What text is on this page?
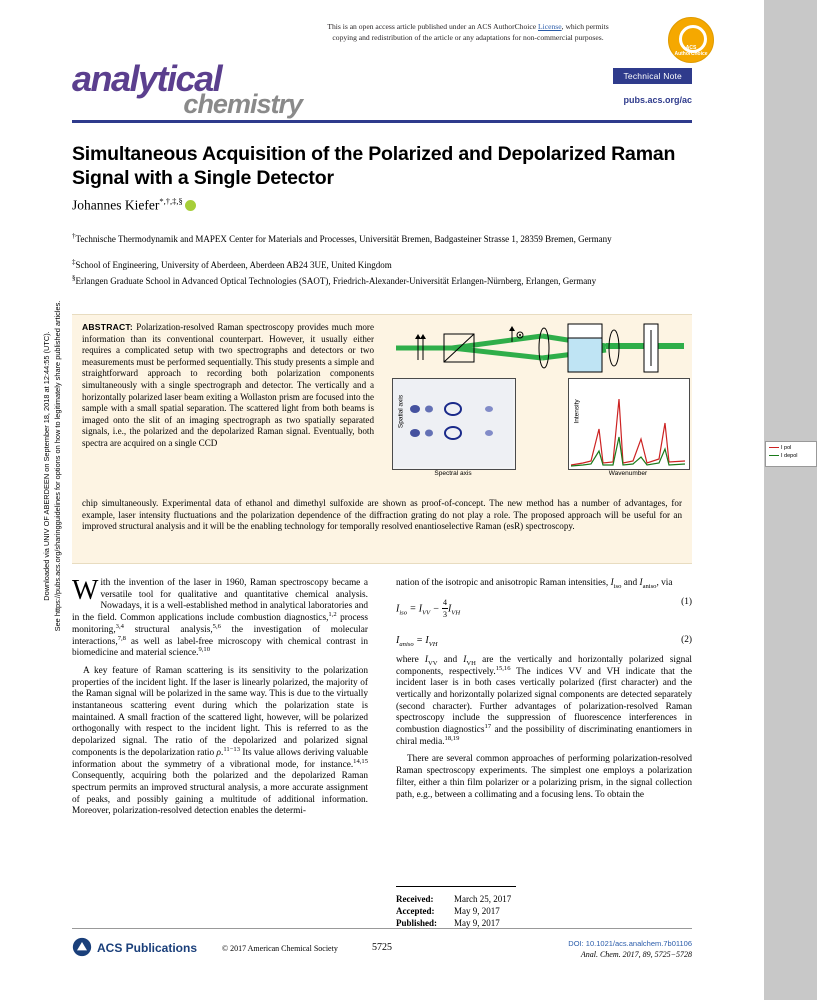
Downloaded via UNIV OF ABERDEEN on September 18, 2018 at 12:44:55 (UTC). See https://pubs.acs.org/sharingguidelines for options on how to legitimately share published articles.
This is an open access article published under an ACS AuthorChoice License, which permits
copying and redistribution of the article or any adaptations for non-commercial purposes.
ACS AuthorChoice
analytical
chemistry
Technical Note
pubs.acs.org/ac
Simultaneous Acquisition of the Polarized and Depolarized Raman Signal with a Single Detector
Johannes Kiefer*,†,‡,§
†Technische Thermodynamik and MAPEX Center for Materials and Processes, Universität Bremen, Badgasteiner Strasse 1, 28359 Bremen, Germany
‡School of Engineering, University of Aberdeen, Aberdeen AB24 3UE, United Kingdom
§Erlangen Graduate School in Advanced Optical Technologies (SAOT), Friedrich-Alexander-Universität Erlangen-Nürnberg, Erlangen, Germany
ABSTRACT: Polarization-resolved Raman spectroscopy provides much more information than its conventional counterpart. However, it usually either requires a complicated setup with two spectrographs and detectors or two measurements must be performed sequentially. This study presents a simple and straightforward approach to recording both polarization components simultaneously with a single spectrograph and detector. The vertically and a horizontally polarized laser beam exiting a Wollaston prism are focused into the sample with a small spatial separation. The scattered light from both beams is imaged onto the slit of an imaging spectrograph as two spatially separated signals, i.e., the polarized and the depolarized Raman signal. Eventually, both spectra are acquired on a single CCD
chip simultaneously. Experimental data of ethanol and dimethyl sulfoxide are shown as proof-of-concept. The new method has a number of advantages, for example, laser intensity fluctuations and the polarization dependence of the diffraction grating do not play a role. The proposed approach will be useful for an improved structural analysis and it will be the enabling technology for temporally resolved enantioselective Raman (esR) spectroscopy.
Spectral axis
Spatial axis
I pol
I depol
Wavenumber
Intensity
W ith the invention of the laser in 1960, Raman spectroscopy became a versatile tool for qualitative and quantitative chemical analysis. Nowadays, it is a well-established method in analytical laboratories and in the field. Common applications include combustion diagnostics,$^{1,2}$ process monitoring,$^{3,4}$ structural analysis,$^{5,6}$ the investigation of molecular interactions,$^{7,8}$ as well as label-free microscopy with chemical contrast in biomedicine and material science.$^{9,10}$

A key feature of Raman scattering is its sensitivity to the polarization properties of the incident light. If the laser is linearly polarized, the majority of the Raman signal will be polarized in the same way. This is due to the virtually instantaneous scattering event during which the polarization state is maintained. A small fraction of the scattered light, however, will be polarized orthogonally with respect to the incident light. This is referred to as the depolarized signal. The ratio of the depolarized and polarized signal components is the depolarization ratio ρ.$^{11-13}$ Its value allows deriving valuable information about the symmetry of a vibrational mode, for instance.$^{14,15}$ Consequently, acquiring both the polarized and the depolarized Raman spectrum permits an improved structural analysis, a more accurate assignment of peaks, and possibly gaining a multitude of additional information. Moreover, polarization-resolved detection enables the determi-

nation of the isotropic and anisotropic Raman intensities, $I_{iso}$ and $I_{aniso}$, via

$I_{iso} = I_{VV} - \frac{4}{3} I_{VH}$
(1)
$I_{aniso} = I_{VH}$	(2)

where $I_{VV}$ and $I_{VH}$ are the vertically and horizontally polarized signal components, respectively.$^{15,16}$ The indices VV and VH indicate that the incident laser is in both cases vertically polarized (first character) and the vertically and horizontally polarized signal components are detected separately (second character). Further advantages of polarization-resolved Raman spectroscopy include the suppression of fluorescence interferences in combustion diagnostics$^{17}$ and the possibility of discriminating enantiomers in chiral media.$^{18,19}$

There are several common approaches of performing polarization-resolved Raman spectroscopy experiments. The simplest one employs a polarization filter, either a thin film polarizer or a polarizing prism, in the signal collection path, e.g., between a collimating and a focusing lens. To obtain the

Received: March 25, 2017
Accepted: May 9, 2017
Published: May 9, 2017
ACS Publications	© 2017 American Chemical Society	5725	DOI: 10.1021/acs.analchem.7b01106
Anal. Chem. 2017, 89, 5725−5728
